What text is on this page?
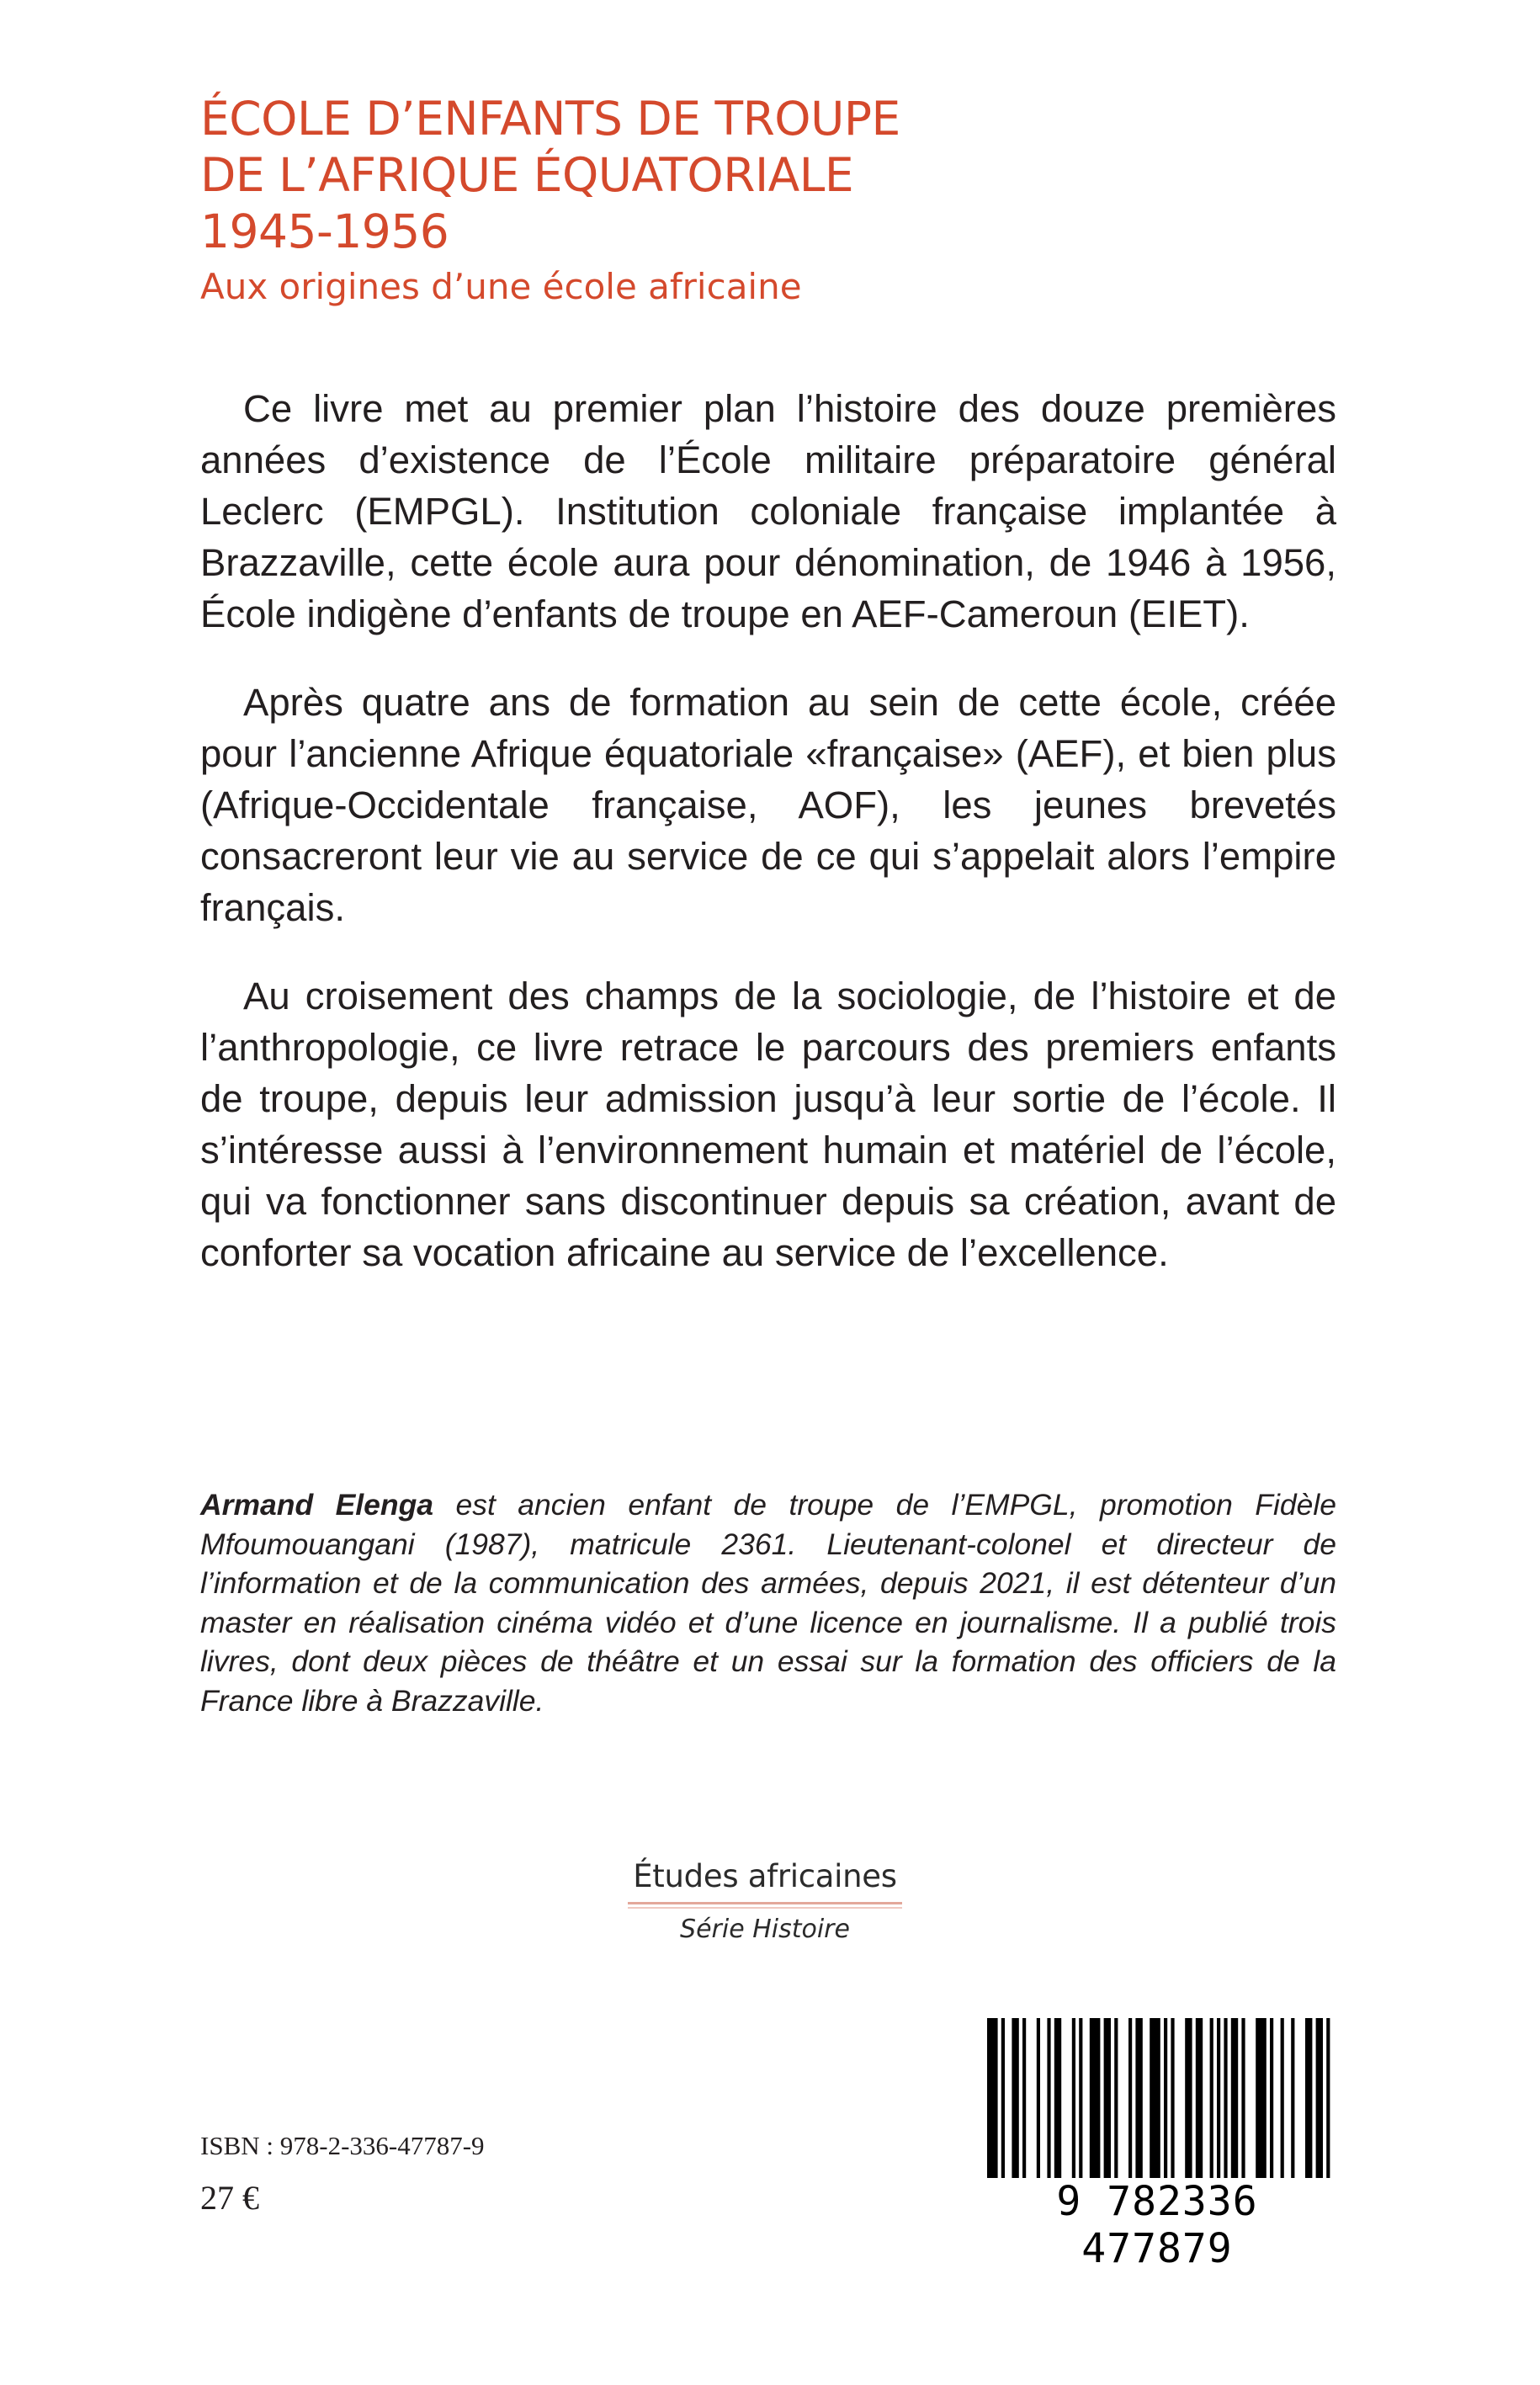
ÉCOLE D’ENFANTS DE TROUPE
DE L’AFRIQUE ÉQUATORIALE
1945-1956
Aux origines d’une école africaine

Ce livre met au premier plan l’histoire des douze premières années d’existence de l’École militaire préparatoire général Leclerc (EMPGL). Institution coloniale française implantée à Brazzaville, cette école aura pour dénomination, de 1946 à 1956, École indigène d’enfants de troupe en AEF-Cameroun (EIET).

Après quatre ans de formation au sein de cette école, créée pour l’ancienne Afrique équatoriale «française» (AEF), et bien plus (Afrique-Occidentale française, AOF), les jeunes brevetés consacreront leur vie au service de ce qui s’appelait alors l’empire français.

Au croisement des champs de la sociologie, de l’histoire et de l’anthropologie, ce livre retrace le parcours des premiers enfants de troupe, depuis leur admission jusqu’à leur sortie de l’école. Il s’intéresse aussi à l’environnement humain et matériel de l’école, qui va fonctionner sans discontinuer depuis sa création, avant de conforter sa vocation africaine au service de l’excellence.

Armand Elenga est ancien enfant de troupe de l’EMPGL, promotion Fidèle Mfoumouangani (1987), matricule 2361. Lieutenant-colonel et directeur de l’information et de la communication des armées, depuis 2021, il est détenteur d’un master en réalisation cinéma vidéo et d’une licence en journalisme. Il a publié trois livres, dont deux pièces de théâtre et un essai sur la formation des officiers de la France libre à Brazzaville.

Études africaines
Série Histoire
ISBN : 978-2-336-47787-9
27 €	9 782336 477879
